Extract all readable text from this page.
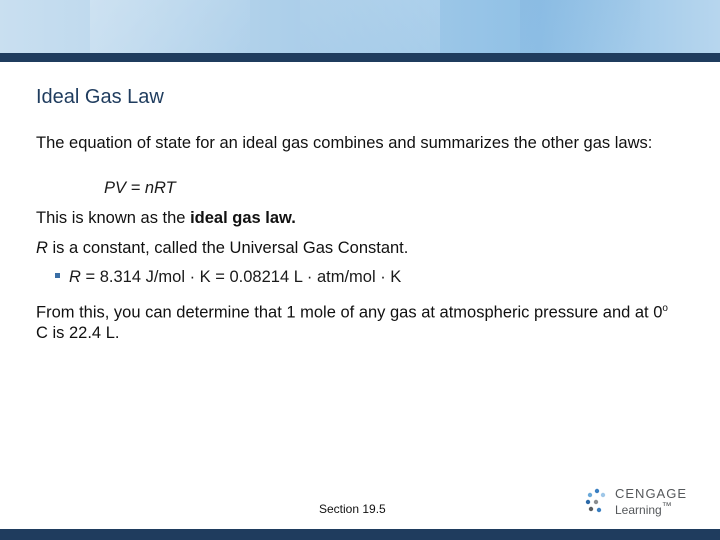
Ideal Gas Law
The equation of state for an ideal gas combines and summarizes the other gas laws:
PV = nRT
This is known as the ideal gas law.
R is a constant, called the Universal Gas Constant.
R = 8.314 J/mol · K = 0.08214 L · atm/mol · K
From this, you can determine that 1 mole of any gas at atmospheric pressure and at 0$^o$ C is 22.4 L.
Section 19.5
CENGAGE
Learning™
